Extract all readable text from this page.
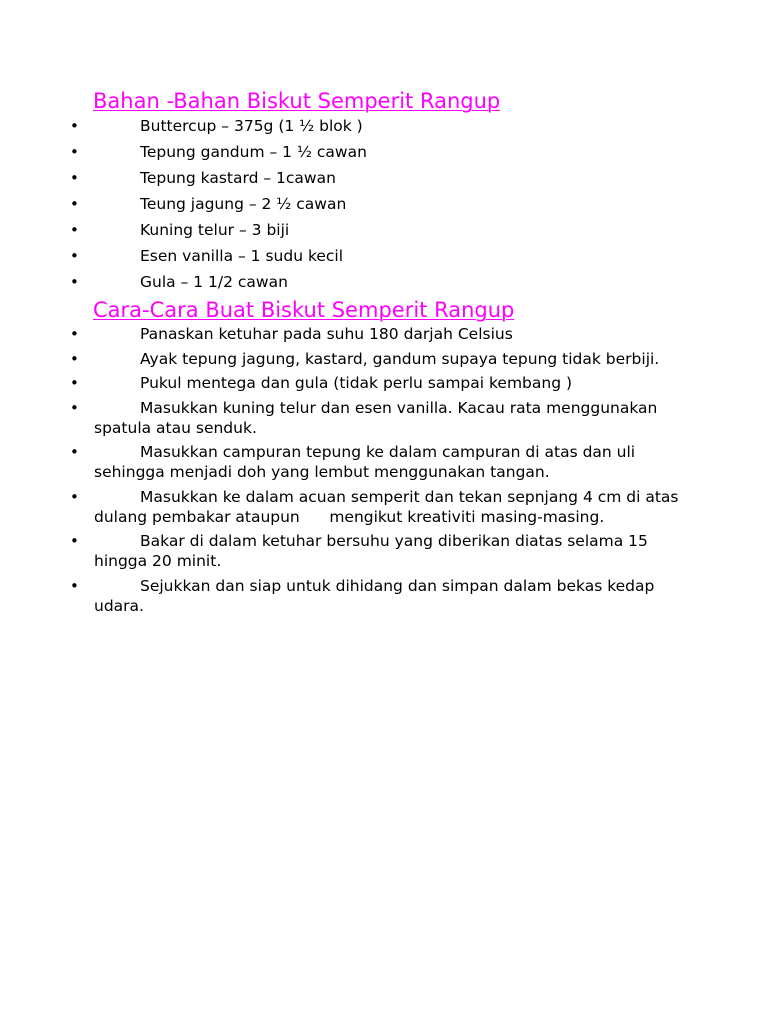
Bahan -Bahan Biskut Semperit Rangup
•	Buttercup – 375g (1 ½ blok )
•	Tepung gandum – 1 ½ cawan
•	Tepung kastard – 1cawan
•	Teung jagung – 2 ½ cawan
•	Kuning telur – 3 biji
•	Esen vanilla – 1 sudu kecil
•	Gula – 1 1/2 cawan
Cara-Cara Buat Biskut Semperit Rangup
•	Panaskan ketuhar pada suhu 180 darjah Celsius
•	Ayak tepung jagung, kastard, gandum supaya tepung tidak berbiji.
•	Pukul mentega dan gula (tidak perlu sampai kembang )
•	Masukkan kuning telur dan esen vanilla. Kacau rata menggunakan spatula atau senduk.
•	Masukkan campuran tepung ke dalam campuran di atas dan uli sehingga menjadi doh yang lembut menggunakan tangan.
•	Masukkan ke dalam acuan semperit dan tekan sepnjang 4 cm di atas dulang pembakar ataupun      mengikut kreativiti masing-masing.
•	Bakar di dalam ketuhar bersuhu yang diberikan diatas selama 15 hingga 20 minit.
•	Sejukkan dan siap untuk dihidang dan simpan dalam bekas kedap udara.
